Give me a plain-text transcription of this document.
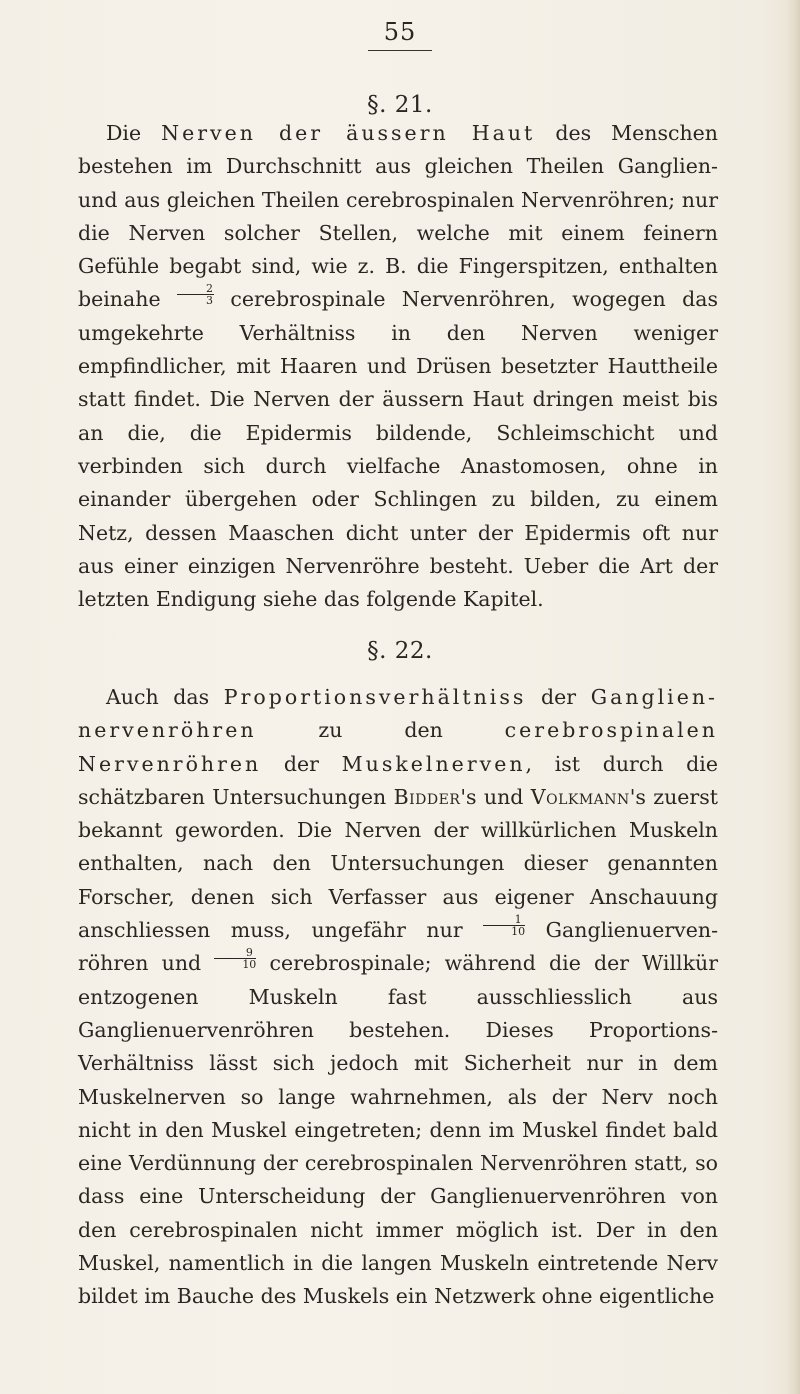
55
§. 21.

Die Nerven der äussern Haut des Menschen bestehen im Durchschnitt aus gleichen Theilen Ganglien- und aus gleichen Theilen cerebrospinalen Nervenröhren; nur die Nerven solcher Stellen, welche mit einem feinern Gefühle begabt sind, wie z. B. die Fingerspitzen, enthalten beinahe $\frac{2}{3}$ cerebrospinale Nervenröhren, wogegen das umgekehrte Verhältniss in den Nerven weniger empfindlicher, mit Haaren und Drüsen besetzter Hauttheile statt findet. Die Nerven der äussern Haut dringen meist bis an die, die Epidermis bildende, Schleimschicht und verbinden sich durch vielfache Anastomosen, ohne in einander übergehen oder Schlingen zu bilden, zu einem Netz, dessen Maaschen dicht unter der Epidermis oft nur aus einer einzigen Nervenröhre besteht. Ueber die Art der letzten Endigung siehe das folgende Kapitel.

§. 22.

Auch das Proportionsverhältniss der Ganglien-nervenröhren zu den cerebrospinalen Nervenröhren der Muskelnerven, ist durch die schätzbaren Untersuchungen Bidder's und Volkmann's zuerst bekannt geworden. Die Nerven der willkürlichen Muskeln enthalten, nach den Untersuchungen dieser genannten Forscher, denen sich Verfasser aus eigener Anschauung anschliessen muss, ungefähr nur $\frac{1}{10}$ Ganglienuerven-röhren und $\frac{9}{10}$ cerebrospinale; während die der Willkür entzogenen Muskeln fast ausschliesslich aus Ganglienuervenröhren bestehen. Dieses Proportions-Verhältniss lässt sich jedoch mit Sicherheit nur in dem Muskelnerven so lange wahrnehmen, als der Nerv noch nicht in den Muskel eingetreten; denn im Muskel findet bald eine Verdünnung der cerebrospinalen Nervenröhren statt, so dass eine Unterscheidung der Ganglienuervenröhren von den cerebrospinalen nicht immer möglich ist. Der in den Muskel, namentlich in die langen Muskeln eintretende Nerv bildet im Bauche des Muskels ein Netzwerk ohne eigentliche
